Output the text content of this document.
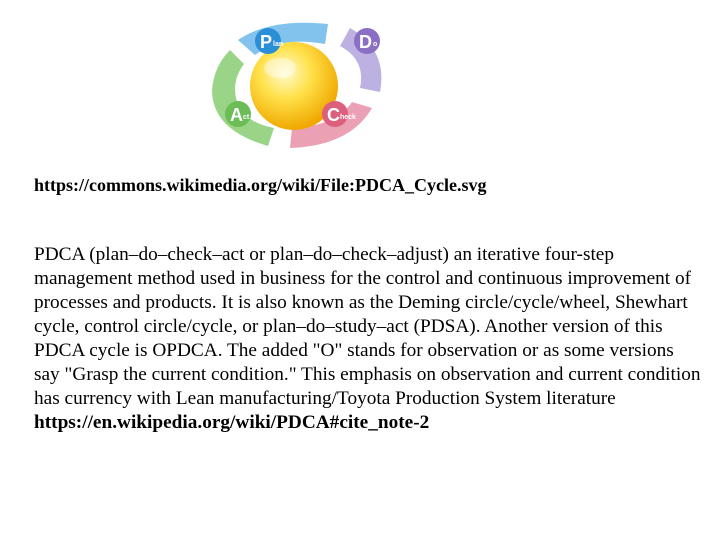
P lan	D o
C heck
A ct
https://commons.wikimedia.org/wiki/File:PDCA_Cycle.svg

PDCA (plan–do–check–act or plan–do–check–adjust) an iterative four-step management method used in business for the control and continuous improvement of processes and products. It is also known as the Deming circle/cycle/wheel, Shewhart cycle, control circle/cycle, or plan–do–study–act (PDSA). Another version of this PDCA cycle is OPDCA. The added "O" stands for observation or as some versions say "Grasp the current condition." This emphasis on observation and current condition has currency with Lean manufacturing/Toyota Production System literature https://en.wikipedia.org/wiki/PDCA#cite_note-2
